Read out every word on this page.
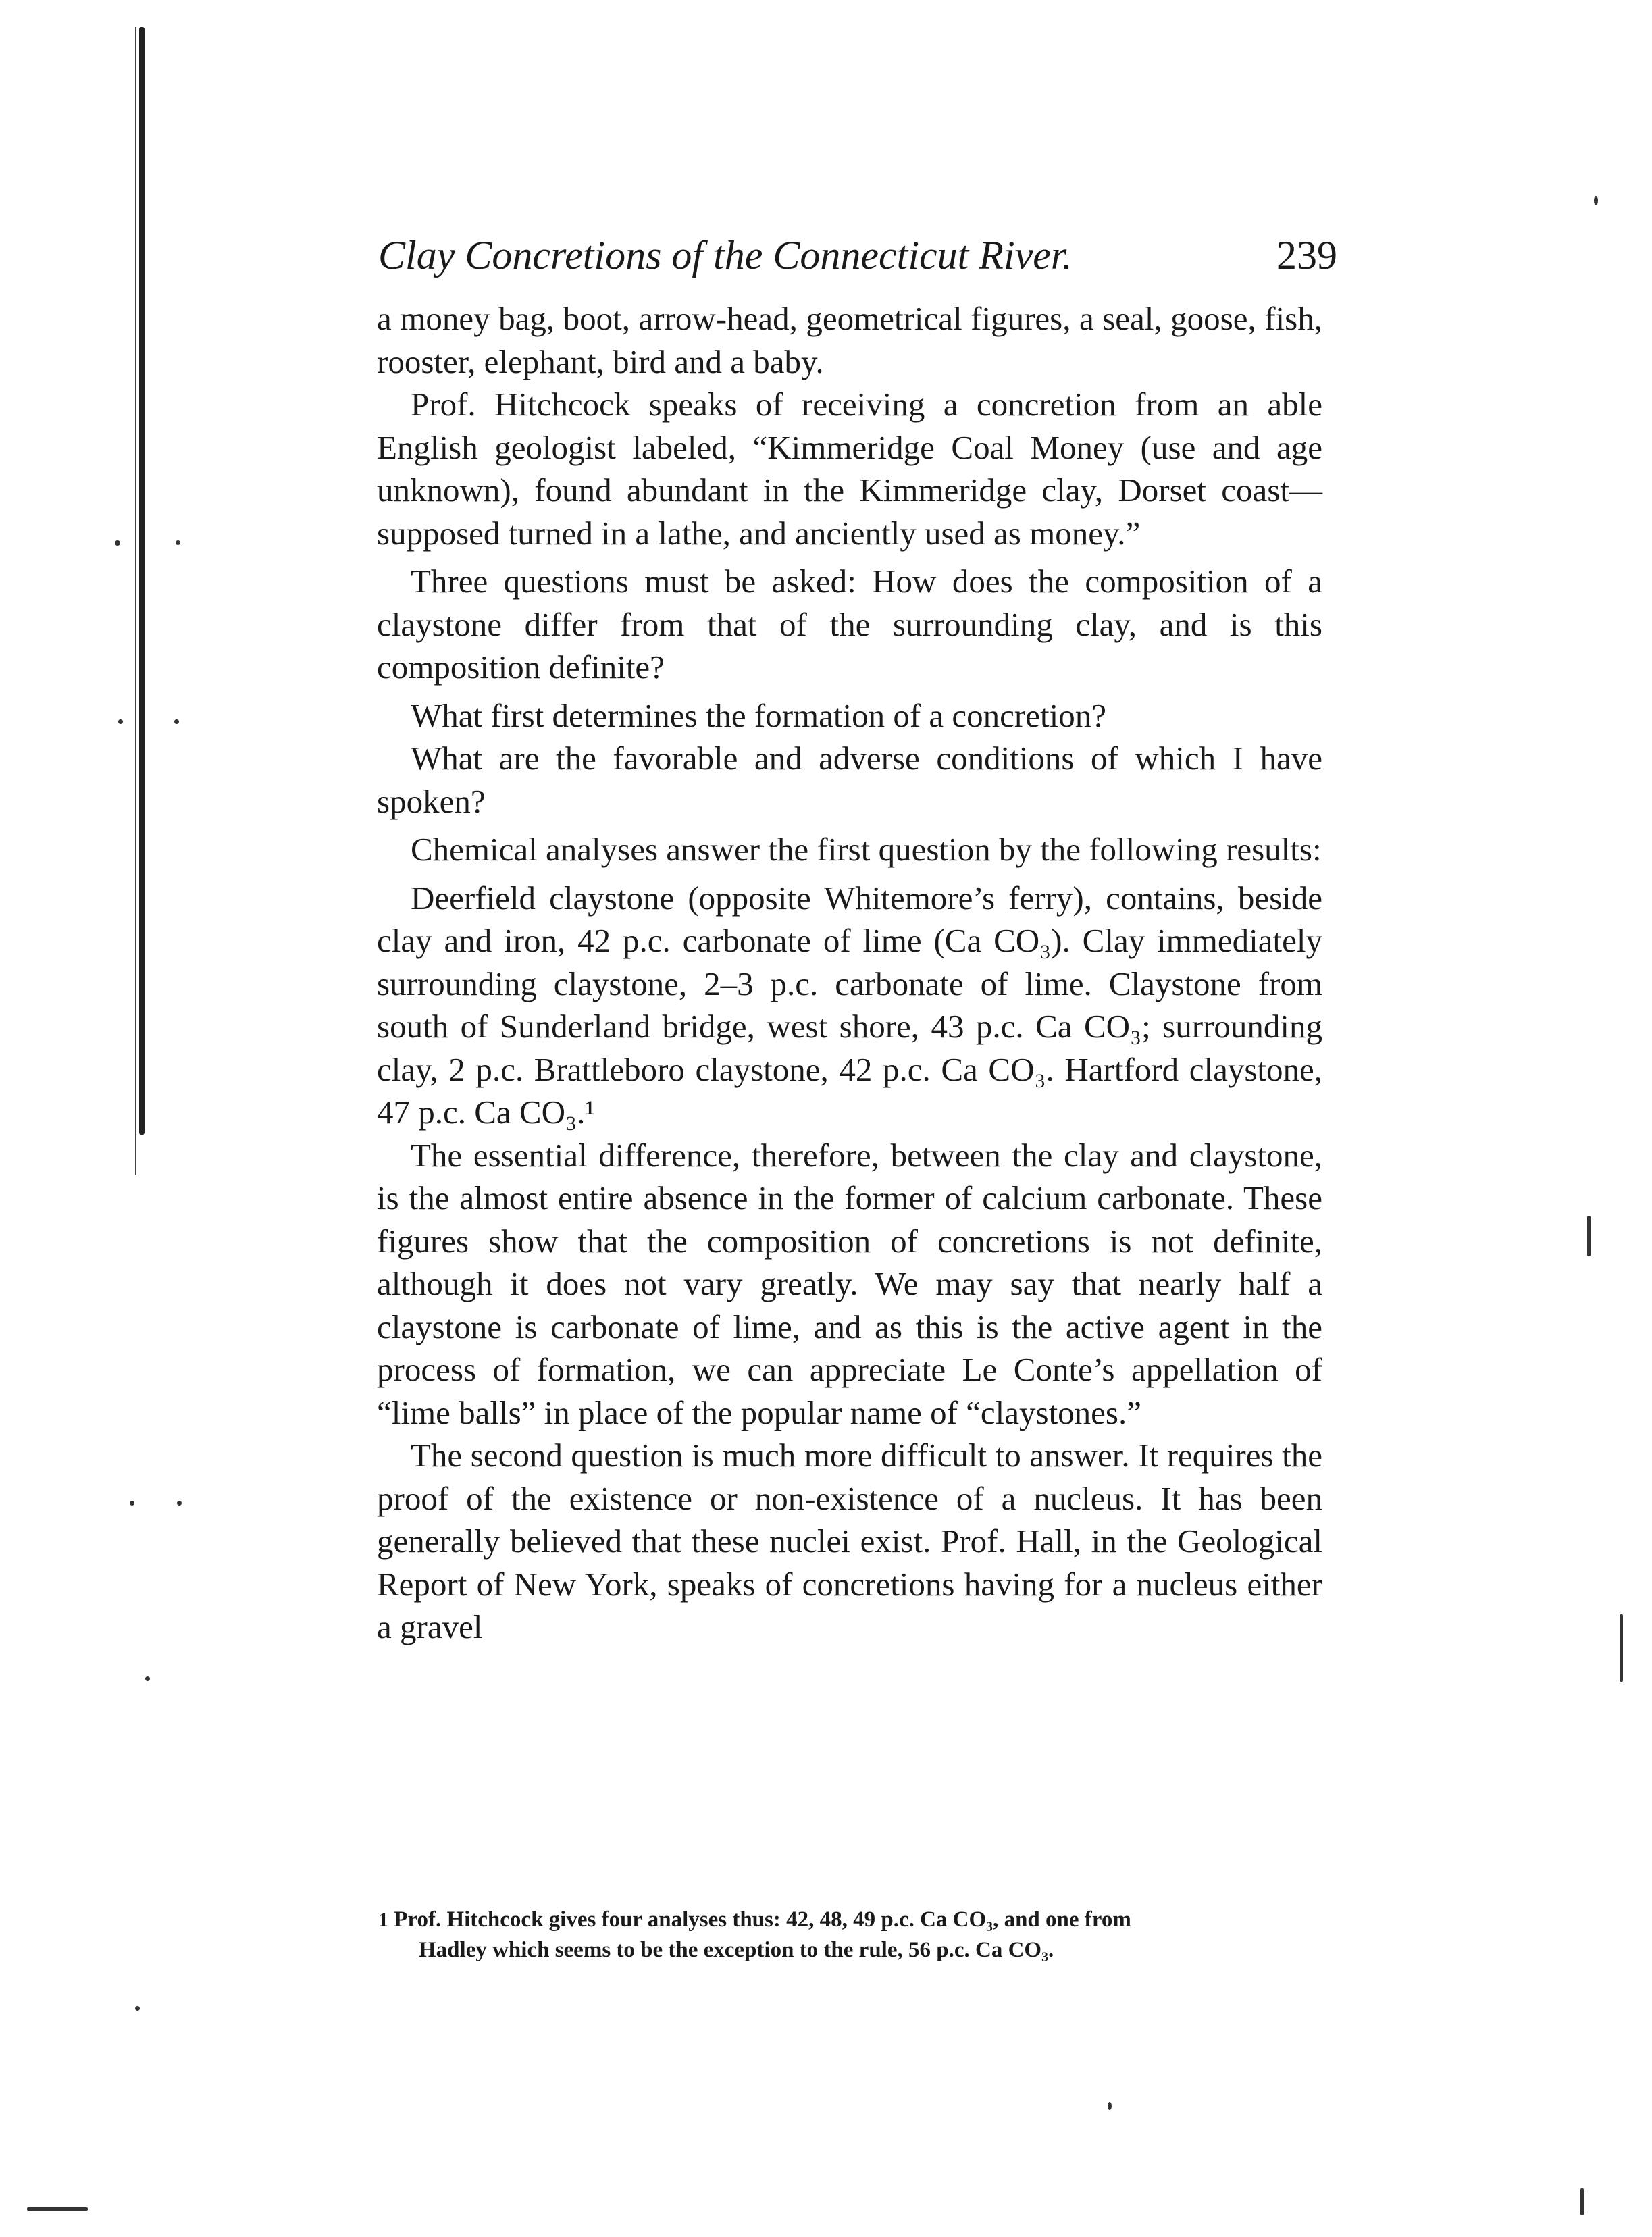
Clay Concretions of the Connecticut River.	239

a money bag, boot, arrow-head, geometrical figures, a seal, goose, fish, rooster, elephant, bird and a baby.

Prof. Hitchcock speaks of receiving a concretion from an able English geologist labeled, “Kimmeridge Coal Money (use and age unknown), found abundant in the Kimmeridge clay, Dorset coast—supposed turned in a lathe, and anciently used as money.”

Three questions must be asked: How does the composition of a claystone differ from that of the surrounding clay, and is this composition definite?

What first determines the formation of a concretion?

What are the favorable and adverse conditions of which I have spoken?

Chemical analyses answer the first question by the following results:

Deerfield claystone (opposite Whitemore’s ferry), contains, beside clay and iron, 42 p.c. carbonate of lime (Ca CO₃). Clay immediately surrounding claystone, 2–3 p.c. carbonate of lime. Claystone from south of Sunderland bridge, west shore, 43 p.c. Ca CO₃; surrounding clay, 2 p.c. Brattleboro claystone, 42 p.c. Ca CO₃. Hartford claystone, 47 p.c. Ca CO₃.¹

The essential difference, therefore, between the clay and claystone, is the almost entire absence in the former of calcium carbonate. These figures show that the composition of concretions is not definite, although it does not vary greatly. We may say that nearly half a claystone is carbonate of lime, and as this is the active agent in the process of formation, we can appreciate Le Conte’s appellation of “lime balls” in place of the popular name of “claystones.”

The second question is much more difficult to answer. It requires the proof of the existence or non-existence of a nucleus. It has been generally believed that these nuclei exist. Prof. Hall, in the Geological Report of New York, speaks of concretions having for a nucleus either a gravel

1 Prof. Hitchcock gives four analyses thus: 42, 48, 49 p.c. Ca CO₃, and one from
Hadley which seems to be the exception to the rule, 56 p.c. Ca CO₃.
